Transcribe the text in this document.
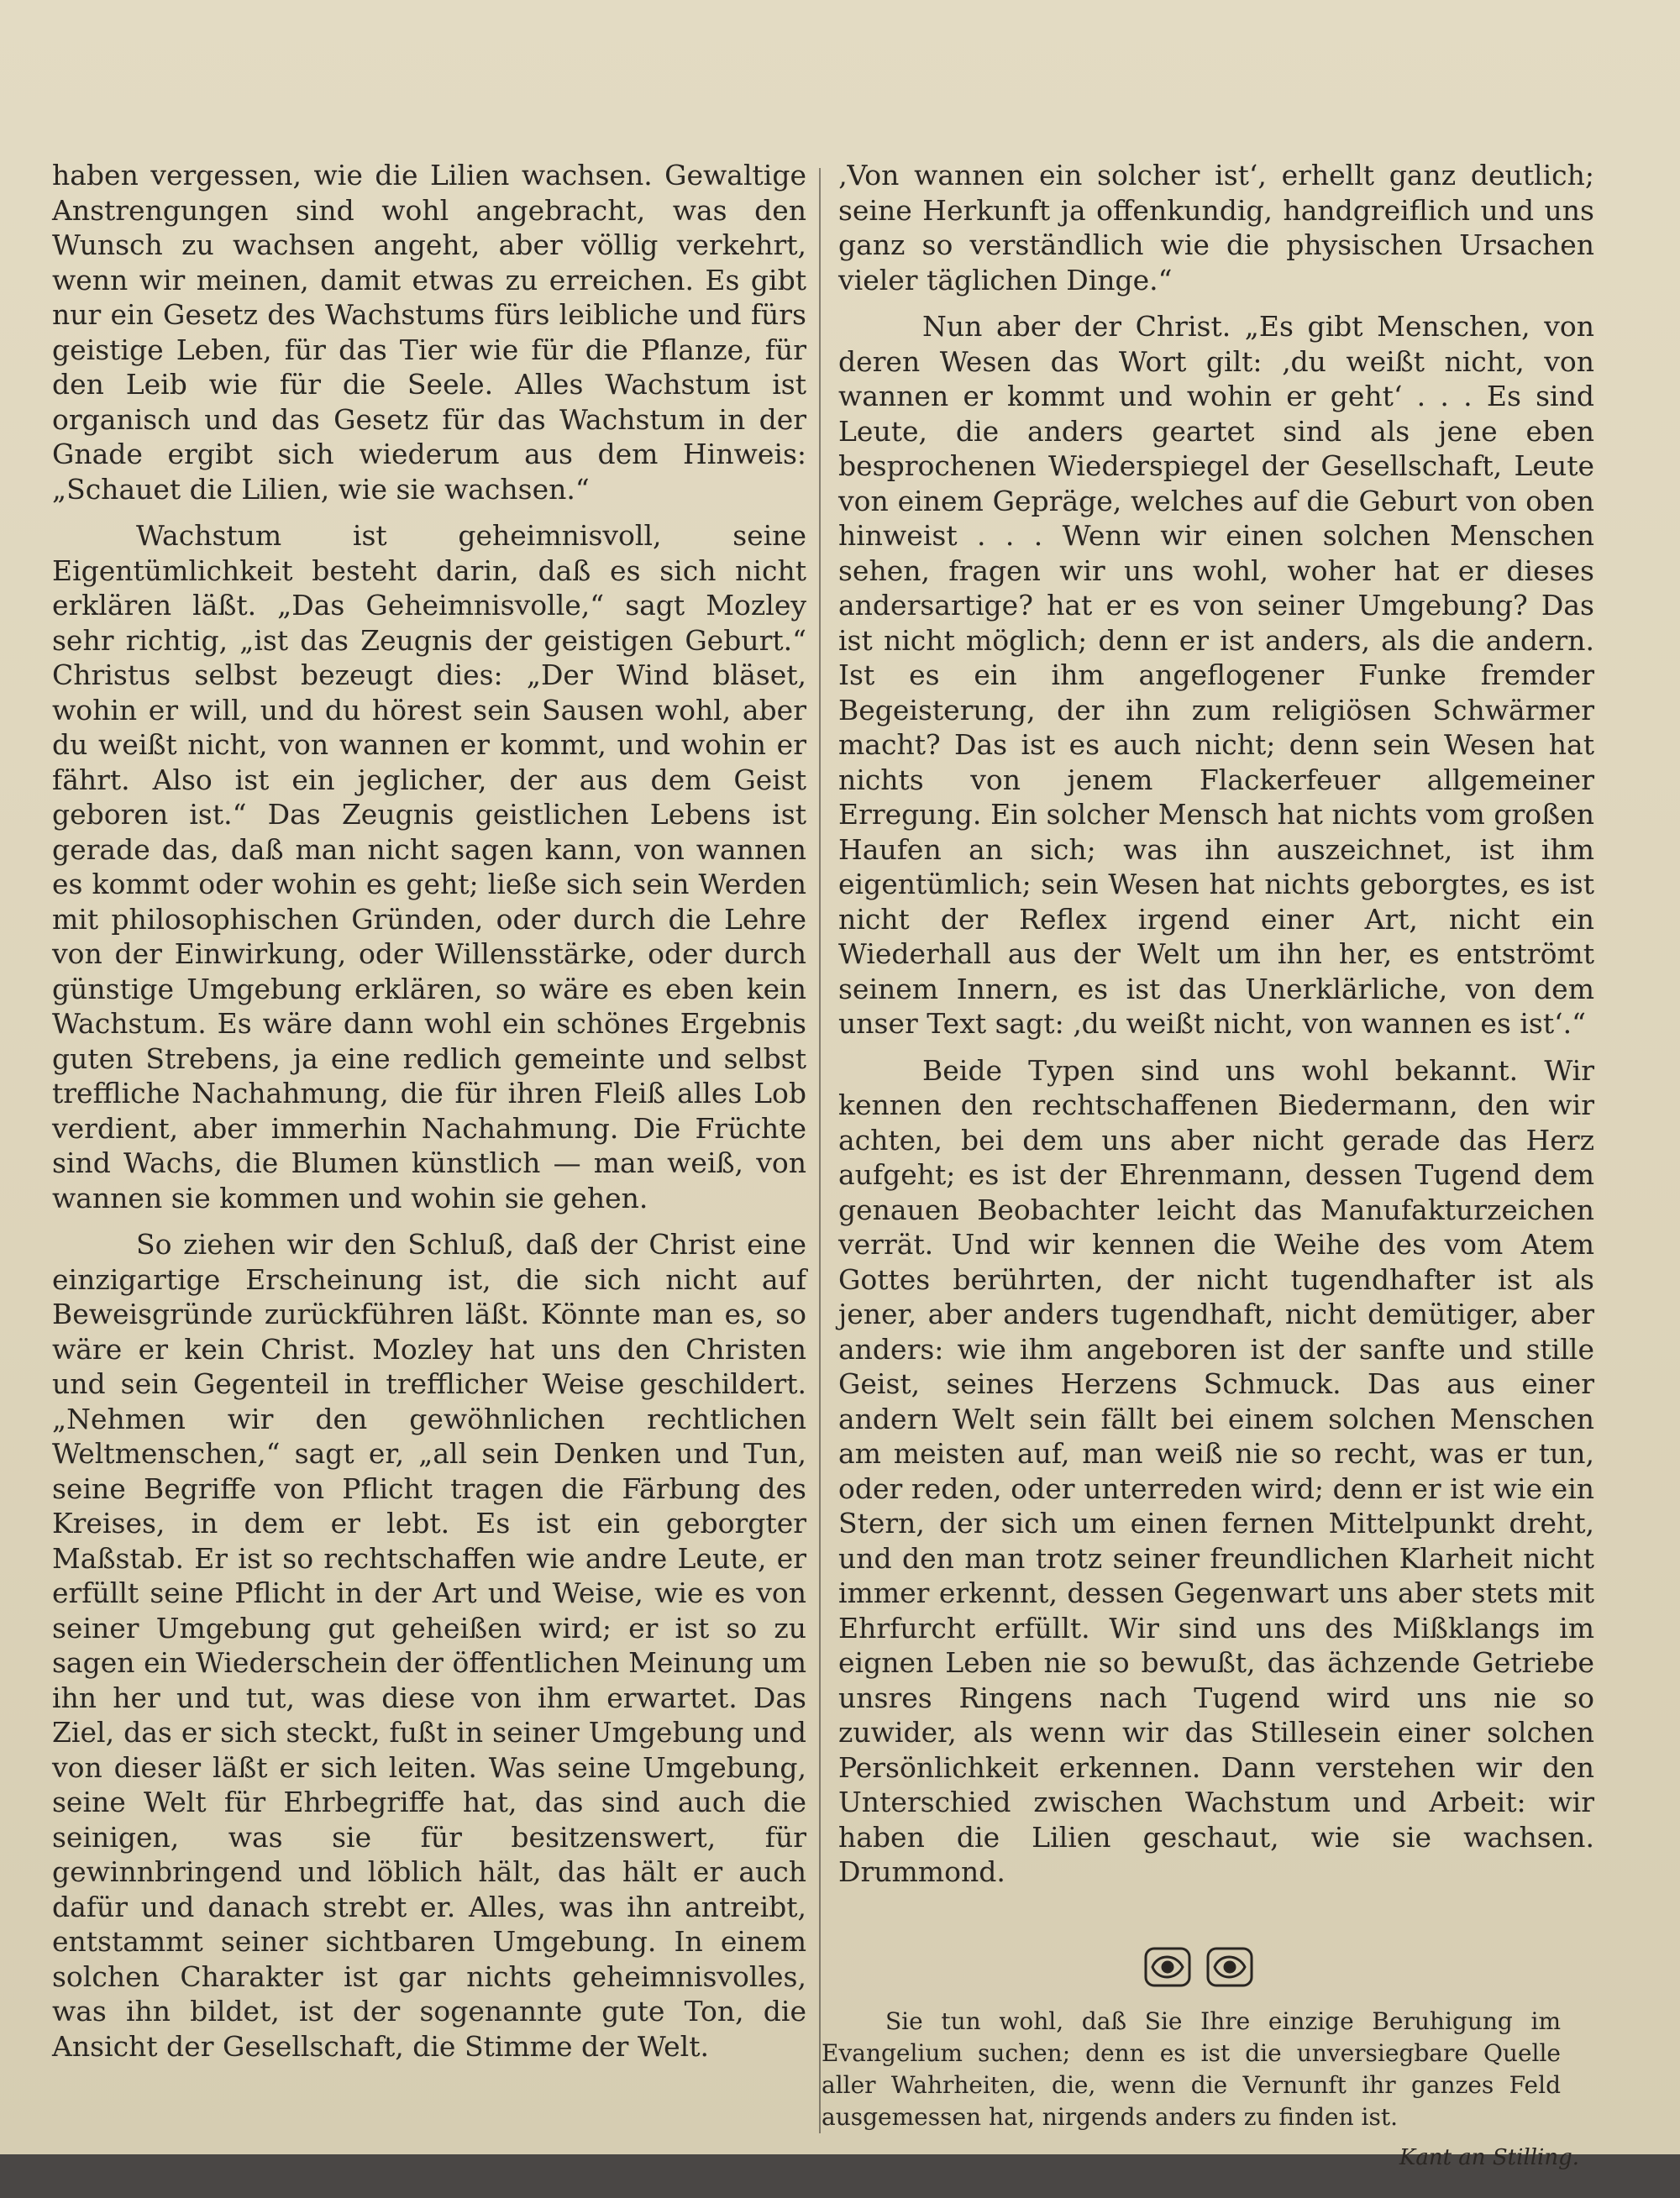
haben vergessen, wie die Lilien wachsen. Gewaltige Anstrengungen sind wohl angebracht, was den Wunsch zu wachsen angeht, aber völlig verkehrt, wenn wir meinen, damit etwas zu erreichen. Es gibt nur ein Gesetz des Wachstums fürs leibliche und fürs geistige Leben, für das Tier wie für die Pflanze, für den Leib wie für die Seele. Alles Wachstum ist organisch und das Gesetz für das Wachstum in der Gnade ergibt sich wiederum aus dem Hinweis: „Schauet die Lilien, wie sie wachsen.“

Wachstum ist geheimnisvoll, seine Eigentümlichkeit besteht darin, daß es sich nicht erklären läßt. „Das Geheimnisvolle,“ sagt Mozley sehr richtig, „ist das Zeugnis der geistigen Geburt.“ Christus selbst bezeugt dies: „Der Wind bläset, wohin er will, und du hörest sein Sausen wohl, aber du weißt nicht, von wannen er kommt, und wohin er fährt. Also ist ein jeglicher, der aus dem Geist geboren ist.“ Das Zeugnis geistlichen Lebens ist gerade das, daß man nicht sagen kann, von wannen es kommt oder wohin es geht; ließe sich sein Werden mit philosophischen Gründen, oder durch die Lehre von der Einwirkung, oder Willensstärke, oder durch günstige Umgebung erklären, so wäre es eben kein Wachstum. Es wäre dann wohl ein schönes Ergebnis guten Strebens, ja eine redlich gemeinte und selbst treffliche Nachahmung, die für ihren Fleiß alles Lob verdient, aber immerhin Nachahmung. Die Früchte sind Wachs, die Blumen künstlich — man weiß, von wannen sie kommen und wohin sie gehen.

So ziehen wir den Schluß, daß der Christ eine einzigartige Erscheinung ist, die sich nicht auf Beweisgründe zurückführen läßt. Könnte man es, so wäre er kein Christ. Mozley hat uns den Christen und sein Gegenteil in trefflicher Weise geschildert. „Nehmen wir den gewöhnlichen rechtlichen Weltmenschen,“ sagt er, „all sein Denken und Tun, seine Begriffe von Pflicht tragen die Färbung des Kreises, in dem er lebt. Es ist ein geborgter Maßstab. Er ist so rechtschaffen wie andre Leute, er erfüllt seine Pflicht in der Art und Weise, wie es von seiner Umgebung gut geheißen wird; er ist so zu sagen ein Wiederschein der öffentlichen Meinung um ihn her und tut, was diese von ihm erwartet. Das Ziel, das er sich steckt, fußt in seiner Umgebung und von dieser läßt er sich leiten. Was seine Umgebung, seine Welt für Ehrbegriffe hat, das sind auch die seinigen, was sie für besitzenswert, für gewinnbringend und löblich hält, das hält er auch dafür und danach strebt er. Alles, was ihn antreibt, entstammt seiner sichtbaren Umgebung. In einem solchen Charakter ist gar nichts geheimnisvolles, was ihn bildet, ist der sogenannte gute Ton, die Ansicht der Gesellschaft, die Stimme der Welt.

‚Von wannen ein solcher ist‘, erhellt ganz deutlich; seine Herkunft ja offenkundig, handgreiflich und uns ganz so verständlich wie die physischen Ursachen vieler täglichen Dinge.“

Nun aber der Christ. „Es gibt Menschen, von deren Wesen das Wort gilt: ‚du weißt nicht, von wannen er kommt und wohin er geht‘ . . . Es sind Leute, die anders geartet sind als jene eben besprochenen Wiederspiegel der Gesellschaft, Leute von einem Gepräge, welches auf die Geburt von oben hinweist . . . Wenn wir einen solchen Menschen sehen, fragen wir uns wohl, woher hat er dieses andersartige? hat er es von seiner Umgebung? Das ist nicht möglich; denn er ist anders, als die andern. Ist es ein ihm angeflogener Funke fremder Begeisterung, der ihn zum religiösen Schwärmer macht? Das ist es auch nicht; denn sein Wesen hat nichts von jenem Flackerfeuer allgemeiner Erregung. Ein solcher Mensch hat nichts vom großen Haufen an sich; was ihn auszeichnet, ist ihm eigentümlich; sein Wesen hat nichts geborgtes, es ist nicht der Reflex irgend einer Art, nicht ein Wiederhall aus der Welt um ihn her, es entströmt seinem Innern, es ist das Unerklärliche, von dem unser Text sagt: ‚du weißt nicht, von wannen es ist‘.“

Beide Typen sind uns wohl bekannt. Wir kennen den rechtschaffenen Biedermann, den wir achten, bei dem uns aber nicht gerade das Herz aufgeht; es ist der Ehrenmann, dessen Tugend dem genauen Beobachter leicht das Manufakturzeichen verrät. Und wir kennen die Weihe des vom Atem Gottes berührten, der nicht tugendhafter ist als jener, aber anders tugendhaft, nicht demütiger, aber anders: wie ihm angeboren ist der sanfte und stille Geist, seines Herzens Schmuck. Das aus einer andern Welt sein fällt bei einem solchen Menschen am meisten auf, man weiß nie so recht, was er tun, oder reden, oder unterreden wird; denn er ist wie ein Stern, der sich um einen fernen Mittelpunkt dreht, und den man trotz seiner freundlichen Klarheit nicht immer erkennt, dessen Gegenwart uns aber stets mit Ehrfurcht erfüllt. Wir sind uns des Mißklangs im eignen Leben nie so bewußt, das ächzende Getriebe unsres Ringens nach Tugend wird uns nie so zuwider, als wenn wir das Stillesein einer solchen Persönlichkeit erkennen. Dann verstehen wir den Unterschied zwischen Wachstum und Arbeit: wir haben die Lilien geschaut, wie sie wachsen. Drummond.

Sie tun wohl, daß Sie Ihre einzige Beruhigung im Evangelium suchen; denn es ist die unversiegbare Quelle aller Wahrheiten, die, wenn die Vernunft ihr ganzes Feld ausgemessen hat, nirgends anders zu finden ist.
